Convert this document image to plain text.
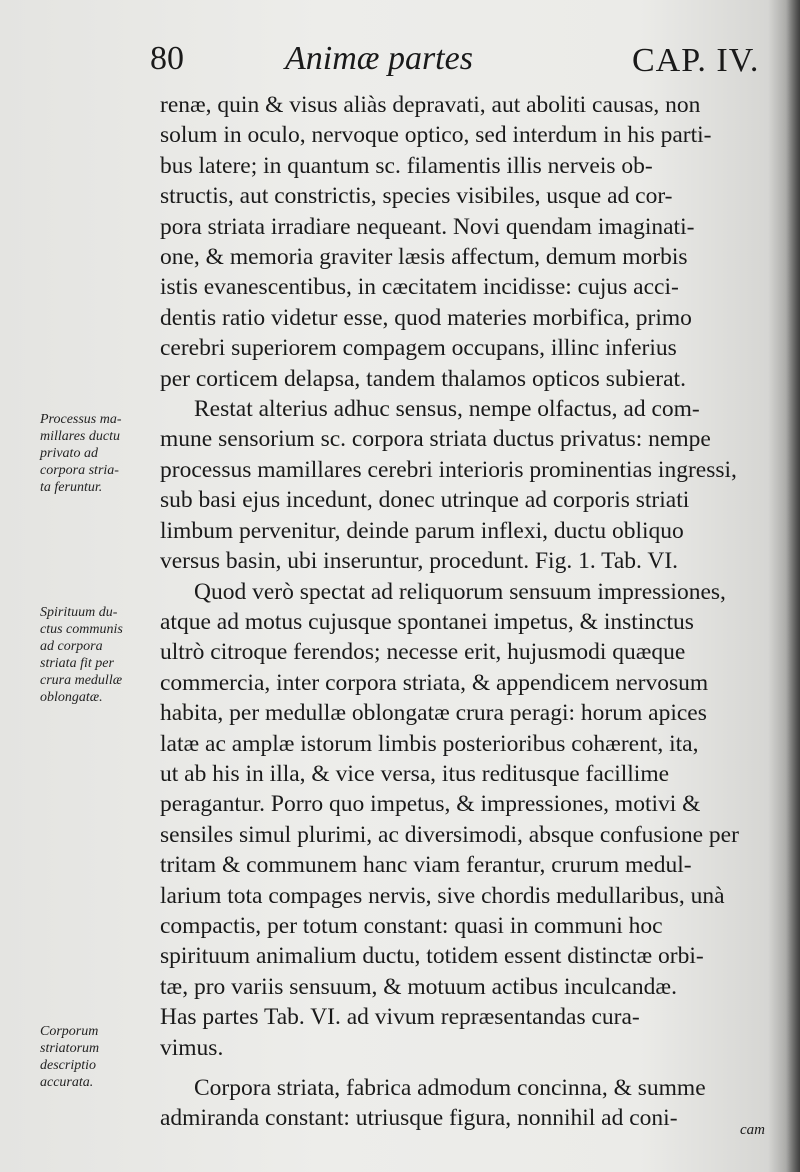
80	Animæ partes	CAP. IV.
renæ, quin & visus aliàs depravati, aut aboliti causas, non
solum in oculo, nervoque optico, sed interdum in his parti-
bus latere; in quantum sc. filamentis illis nerveis ob-
structis, aut constrictis, species visibiles, usque ad cor-
pora striata irradiare nequeant. Novi quendam imaginati-
one, & memoria graviter læsis affectum, demum morbis
istis evanescentibus, in cæcitatem incidisse: cujus acci-
dentis ratio videtur esse, quod materies morbifica, primo
cerebri superiorem compagem occupans, illinc inferius
per corticem delapsa, tandem thalamos opticos subierat.
Restat alterius adhuc sensus, nempe olfactus, ad com-
mune sensorium sc. corpora striata ductus privatus: nempe
processus mamillares cerebri interioris prominentias ingressi,
sub basi ejus incedunt, donec utrinque ad corporis striati
limbum pervenitur, deinde parum inflexi, ductu obliquo
versus basin, ubi inseruntur, procedunt. Fig. 1. Tab. VI.
Quod verò spectat ad reliquorum sensuum impressiones,
atque ad motus cujusque spontanei impetus, & instinctus
ultrò citroque ferendos; necesse erit, hujusmodi quæque
commercia, inter corpora striata, & appendicem nervosum
habita, per medullæ oblongatæ crura peragi: horum apices
latæ ac amplæ istorum limbis posterioribus cohærent, ita,
ut ab his in illa, & vice versa, itus reditusque facillime
peragantur. Porro quo impetus, & impressiones, motivi &
sensiles simul plurimi, ac diversimodi, absque confusione per
tritam & communem hanc viam ferantur, crurum medul-
larium tota compages nervis, sive chordis medullaribus, unà
compactis, per totum constant: quasi in communi hoc
spirituum animalium ductu, totidem essent distinctæ orbi-
tæ, pro variis sensuum, & motuum actibus inculcandæ.
Has partes Tab. VI. ad vivum repræsentandas cura-
vimus.
Corpora striata, fabrica admodum concinna, & summe
admiranda constant: utriusque figura, nonnihil ad coni-	cam
Processus ma-
millares ductu
privato ad
corpora stria-
ta feruntur.
Spirituum du-
ctus communis
ad corpora
striata fit per
crura medullæ
oblongatæ.
Corporum
striatorum
descriptio
accurata.
